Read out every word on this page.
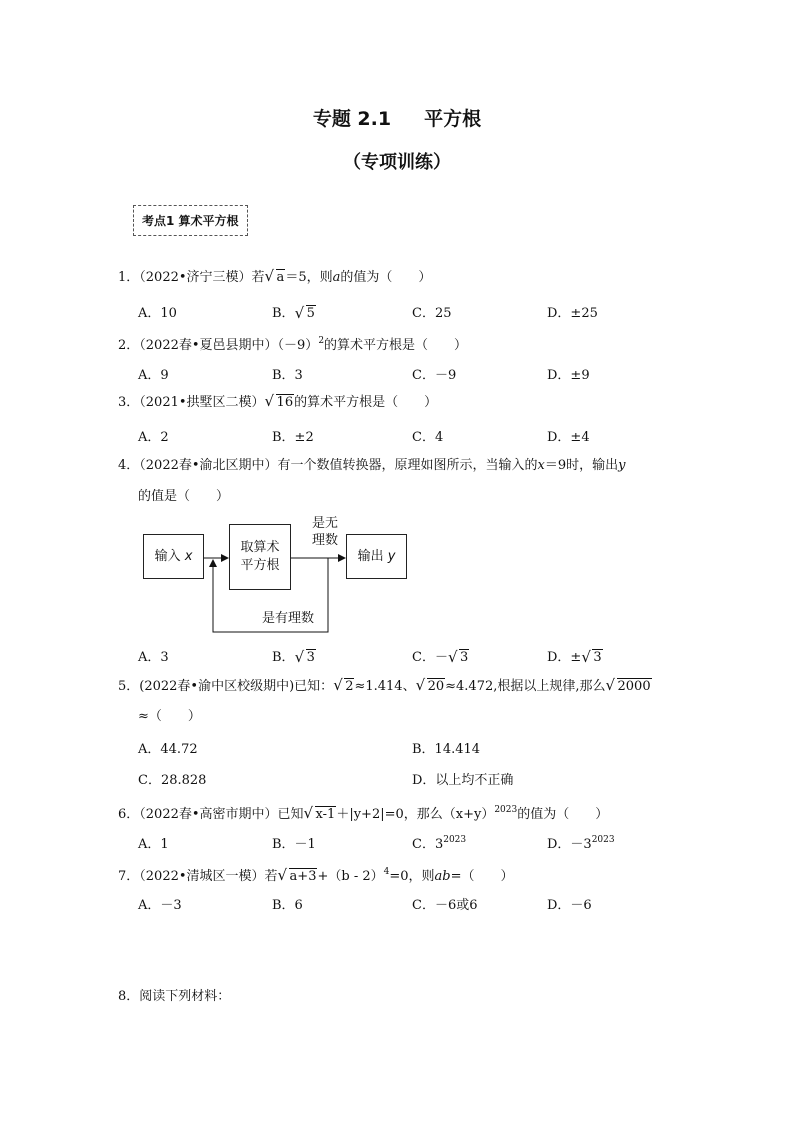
专题 2.1     平方根
（专项训练）
考点1 算术平方根
1．（2022•济宁三模）若 √ a＝5，则a的值为（　　）
A．10	B． √ 5	C．25	D．±25
2．（2022春•夏邑县期中）$(-9)^2$的算术平方根是（　　）
A．9	B．3	C．－9	D．±9
3．（2021•拱墅区二模） √ 16的算术平方根是（　　）
A．2	B．±2	C．4	D．±4
4．（2022春•渝北区期中）有一个数值转换器，原理如图所示，当输入的x＝9时，输出y
的值是（　　）
输入
x
取算术
平方根
是无
理数
输出
y
是有理数
A．3	B． √ 3	C．－ √ 3	D．± √ 3
5．(2022春•渝中区校级期中)已知： √ 2≈1.414、 √ 20≈4.472,根据以上规律,那么 √ 2000
≈（　　）
A．44.72	B．14.414
C．28.828	D．以上均不正确
6．（2022春•高密市期中）已知 √ x-1＋|y+2|=0，那么$(x+y)^{2023}$的值为（　　）
A．1	B．－1	C．$3^{2023}$	D．$-3^{2023}$
7．（2022•清城区一模）若 √ a+3+（b - 2）$^4$=0，则ab=（　　）
A．－3	B．6	C．－6或6	D．－6
8．阅读下列材料：
